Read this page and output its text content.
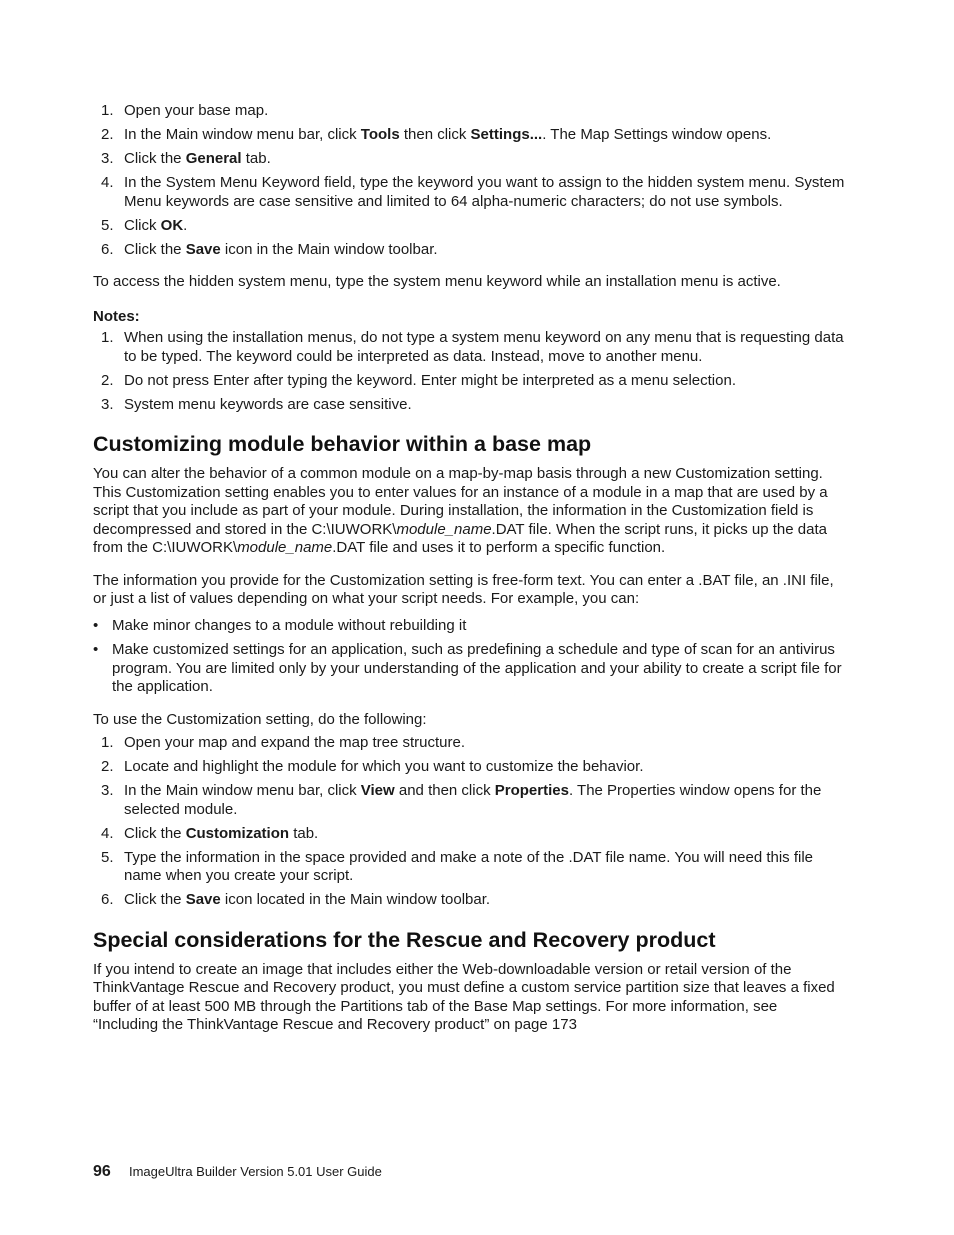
1. Open your base map.
2. In the Main window menu bar, click Tools then click Settings.... The Map Settings window opens.
3. Click the General tab.
4. In the System Menu Keyword field, type the keyword you want to assign to the hidden system menu. System Menu keywords are case sensitive and limited to 64 alpha-numeric characters; do not use symbols.
5. Click OK.
6. Click the Save icon in the Main window toolbar.

To access the hidden system menu, type the system menu keyword while an installation menu is active.

Notes:
1. When using the installation menus, do not type a system menu keyword on any menu that is requesting data to be typed. The keyword could be interpreted as data. Instead, move to another menu.
2. Do not press Enter after typing the keyword. Enter might be interpreted as a menu selection.
3. System menu keywords are case sensitive.
Customizing module behavior within a base map

You can alter the behavior of a common module on a map-by-map basis through a new Customization setting. This Customization setting enables you to enter values for an instance of a module in a map that are used by a script that you include as part of your module. During installation, the information in the Customization field is decompressed and stored in the C:\IUWORK\module_name.DAT file. When the script runs, it picks up the data from the C:\IUWORK\module_name.DAT file and uses it to perform a specific function.

The information you provide for the Customization setting is free-form text. You can enter a .BAT file, an .INI file, or just a list of values depending on what your script needs. For example, you can:

• Make minor changes to a module without rebuilding it
• Make customized settings for an application, such as predefining a schedule and type of scan for an antivirus program. You are limited only by your understanding of the application and your ability to create a script file for the application.

To use the Customization setting, do the following:

1. Open your map and expand the map tree structure.
2. Locate and highlight the module for which you want to customize the behavior.
3. In the Main window menu bar, click View and then click Properties. The Properties window opens for the selected module.
4. Click the Customization tab.
5. Type the information in the space provided and make a note of the .DAT file name. You will need this file name when you create your script.
6. Click the Save icon located in the Main window toolbar.
Special considerations for the Rescue and Recovery product

If you intend to create an image that includes either the Web-downloadable version or retail version of the ThinkVantage Rescue and Recovery product, you must define a custom service partition size that leaves a fixed buffer of at least 500 MB through the Partitions tab of the Base Map settings. For more information, see “Including the ThinkVantage Rescue and Recovery product” on page 173

96 ImageUltra Builder Version 5.01 User Guide
